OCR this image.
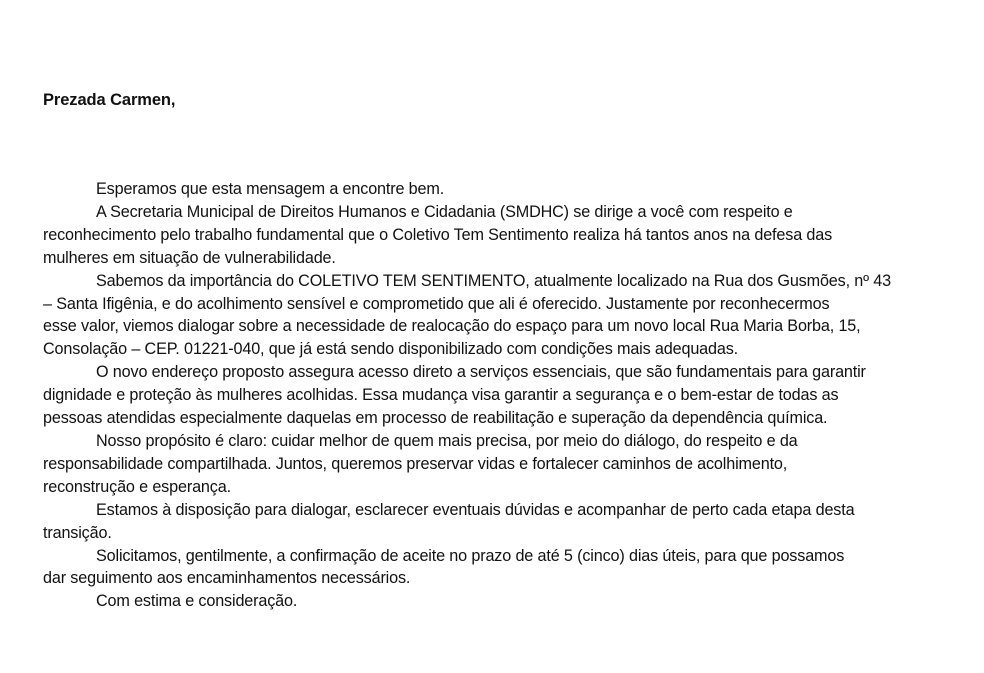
Prezada Carmen,
Esperamos que esta mensagem a encontre bem.
A Secretaria Municipal de Direitos Humanos e Cidadania (SMDHC) se dirige a você com respeito e
reconhecimento pelo trabalho fundamental que o Coletivo Tem Sentimento realiza há tantos anos na defesa das
mulheres em situação de vulnerabilidade.
Sabemos da importância do COLETIVO TEM SENTIMENTO, atualmente localizado na Rua dos Gusmões, nº 43
– Santa Ifigênia, e do acolhimento sensível e comprometido que ali é oferecido. Justamente por reconhecermos
esse valor, viemos dialogar sobre a necessidade de realocação do espaço para um novo local Rua Maria Borba, 15,
Consolação – CEP. 01221-040, que já está sendo disponibilizado com condições mais adequadas.
O novo endereço proposto assegura acesso direto a serviços essenciais, que são fundamentais para garantir
dignidade e proteção às mulheres acolhidas. Essa mudança visa garantir a segurança e o bem-estar de todas as
pessoas atendidas especialmente daquelas em processo de reabilitação e superação da dependência química.
Nosso propósito é claro: cuidar melhor de quem mais precisa, por meio do diálogo, do respeito e da
responsabilidade compartilhada. Juntos, queremos preservar vidas e fortalecer caminhos de acolhimento,
reconstrução e esperança.
Estamos à disposição para dialogar, esclarecer eventuais dúvidas e acompanhar de perto cada etapa desta
transição.
Solicitamos, gentilmente, a confirmação de aceite no prazo de até 5 (cinco) dias úteis, para que possamos
dar seguimento aos encaminhamentos necessários.
Com estima e consideração.
